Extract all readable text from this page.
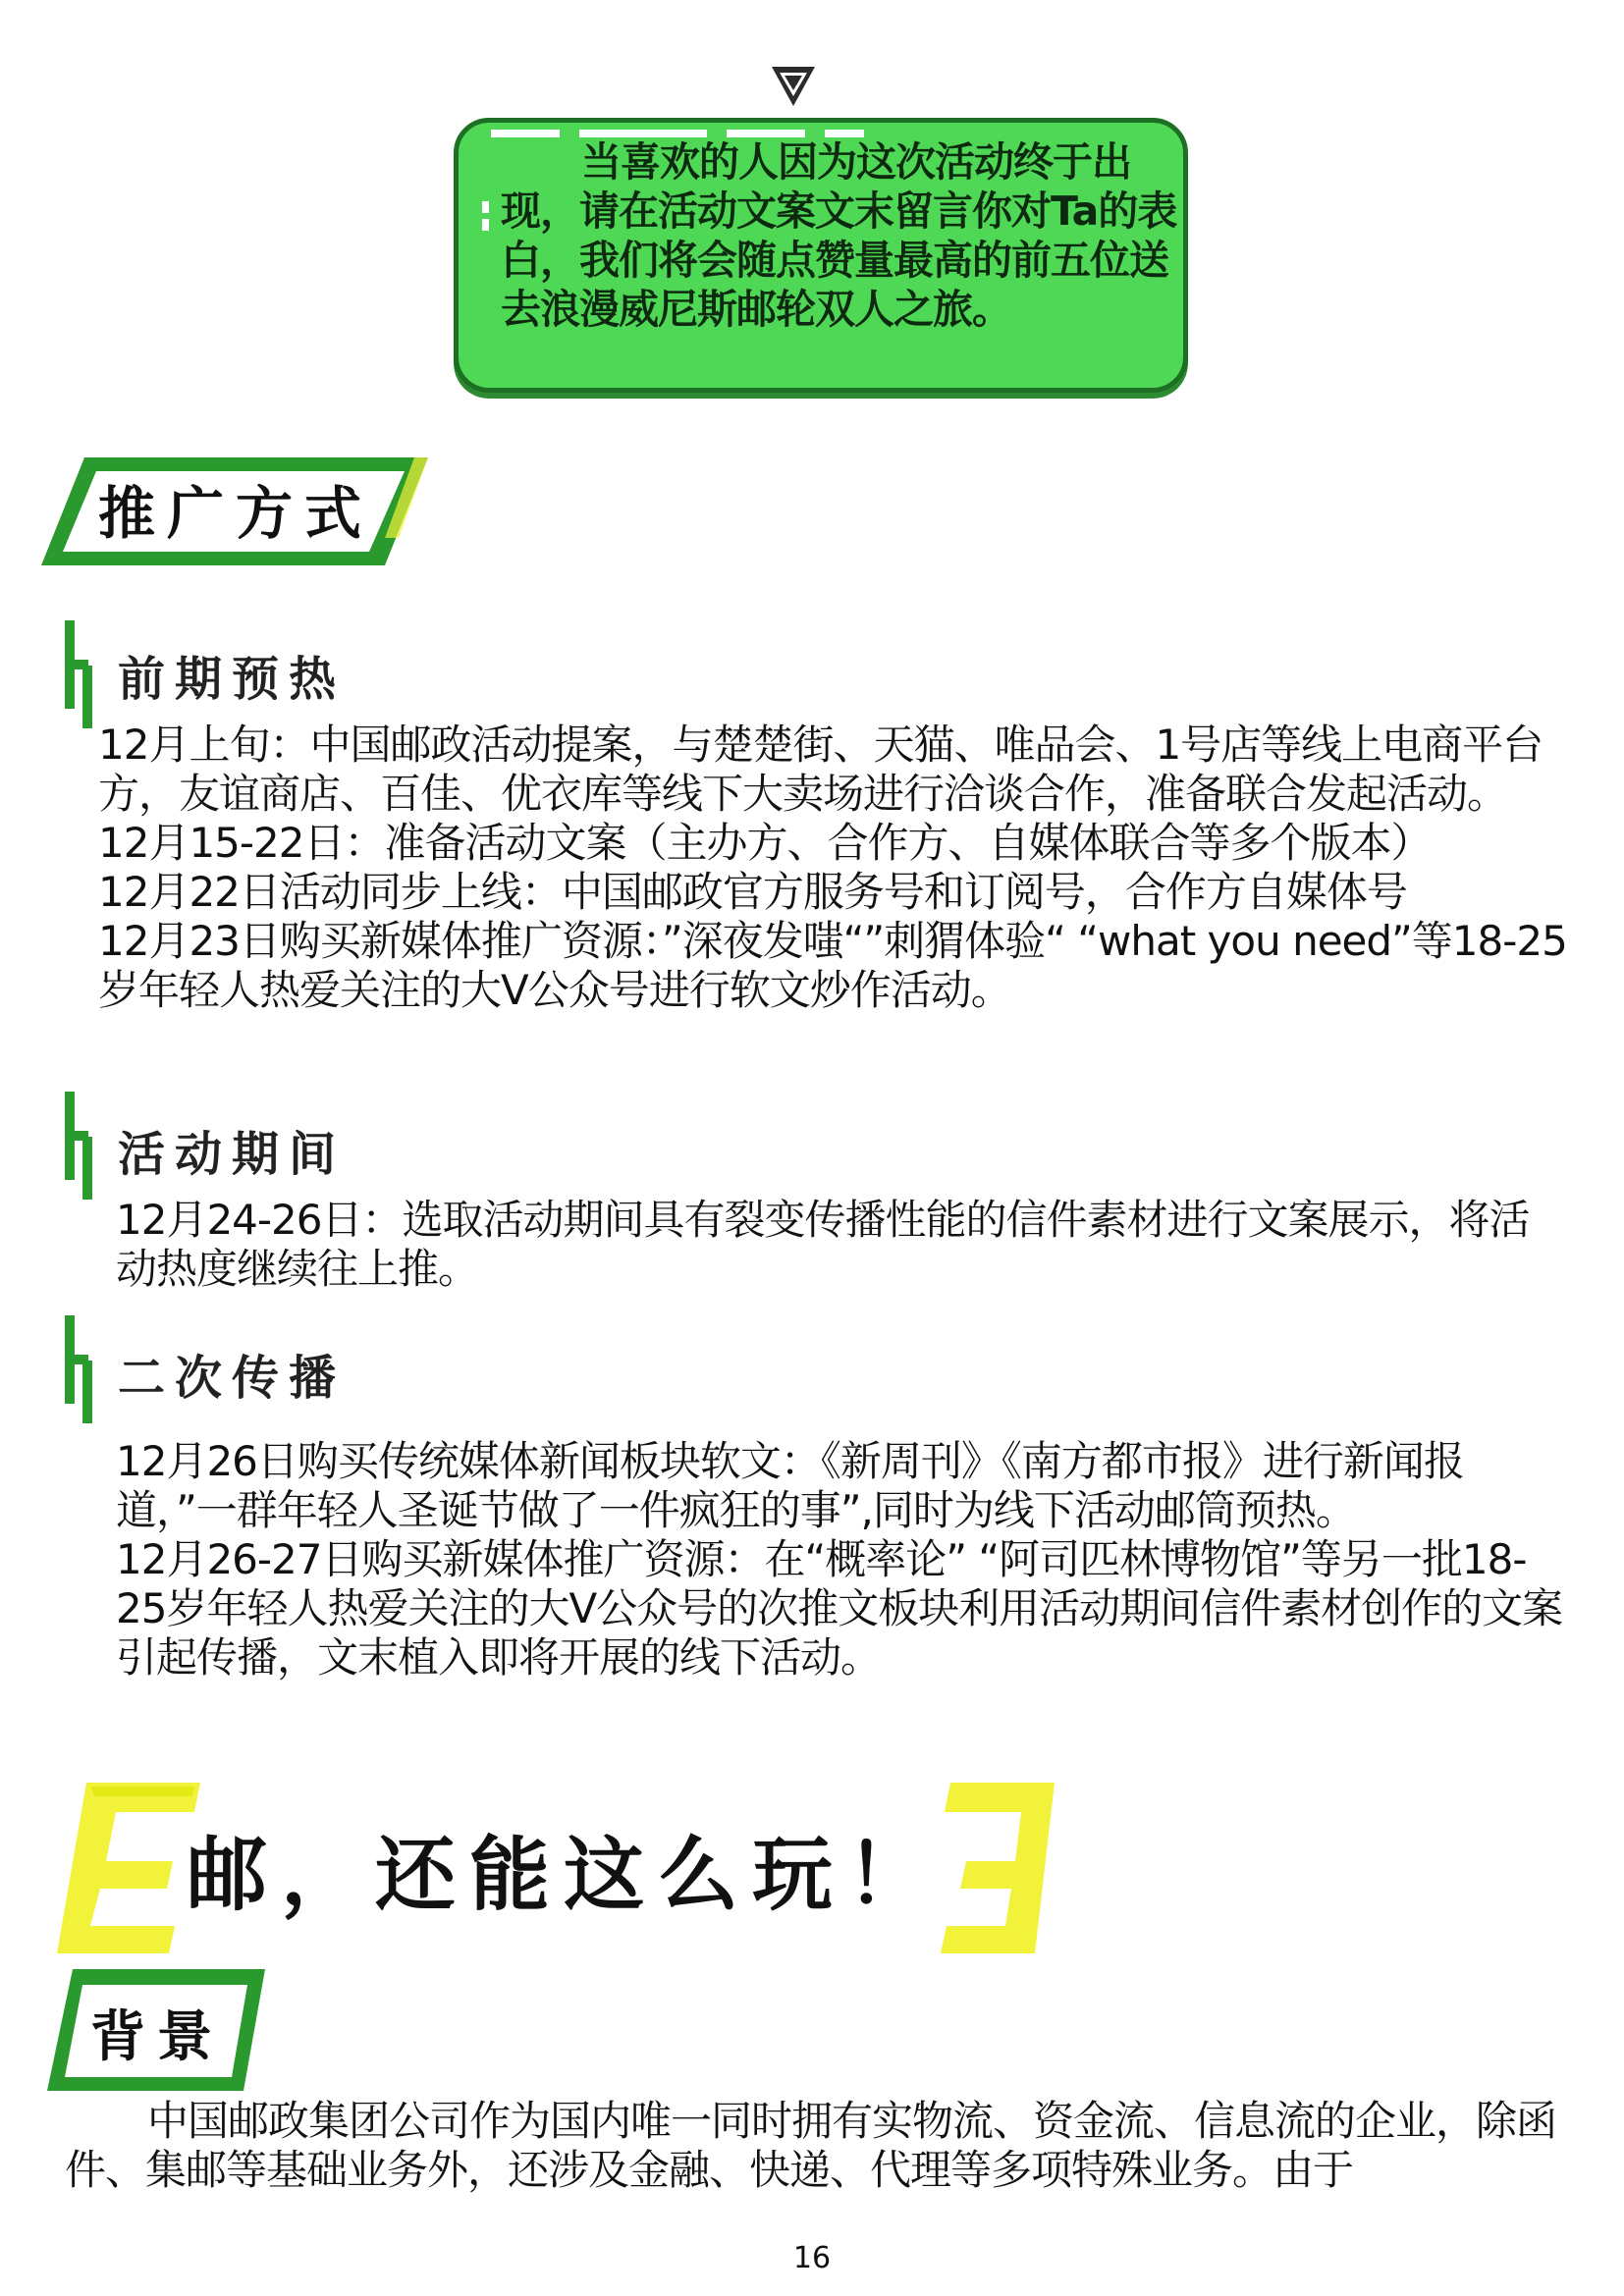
当喜欢的人因为这次活动终于出现，请在活动文案文末留言你对Ta的表白，我们将会随点赞量最高的前五位送去浪漫威尼斯邮轮双人之旅。
推广方式
前期预热
12月上旬：中国邮政活动提案，与楚楚街、天猫、唯品会、1号店等线上电商平台方，友谊商店、百佳、优衣库等线下大卖场进行洽谈合作，准备联合发起活动。
12月15-22日：准备活动文案（主办方、合作方、自媒体联合等多个版本）
12月22日活动同步上线：中国邮政官方服务号和订阅号，合作方自媒体号
12月23日购买新媒体推广资源：”深夜发嗤“”刺猬体验“ “what you need”等18-25岁年轻人热爱关注的大V公众号进行软文炒作活动。
活动期间
12月24-26日：选取活动期间具有裂变传播性能的信件素材进行文案展示，将活动热度继续往上推。
二次传播
12月26日购买传统媒体新闻板块软文：《新周刊》《南方都市报》进行新闻报道，”一群年轻人圣诞节做了一件疯狂的事”,同时为线下活动邮筒预热。
12月26-27日购买新媒体推广资源：在“概率论” “阿司匹林博物馆”等另一批18-25岁年轻人热爱关注的大V公众号的次推文板块利用活动期间信件素材创作的文案引起传播，文末植入即将开展的线下活动。
邮，还能这么玩！
背景
中国邮政集团公司作为国内唯一同时拥有实物流、资金流、信息流的企业，除函件、集邮等基础业务外，还涉及金融、快递、代理等多项特殊业务。由于
16
